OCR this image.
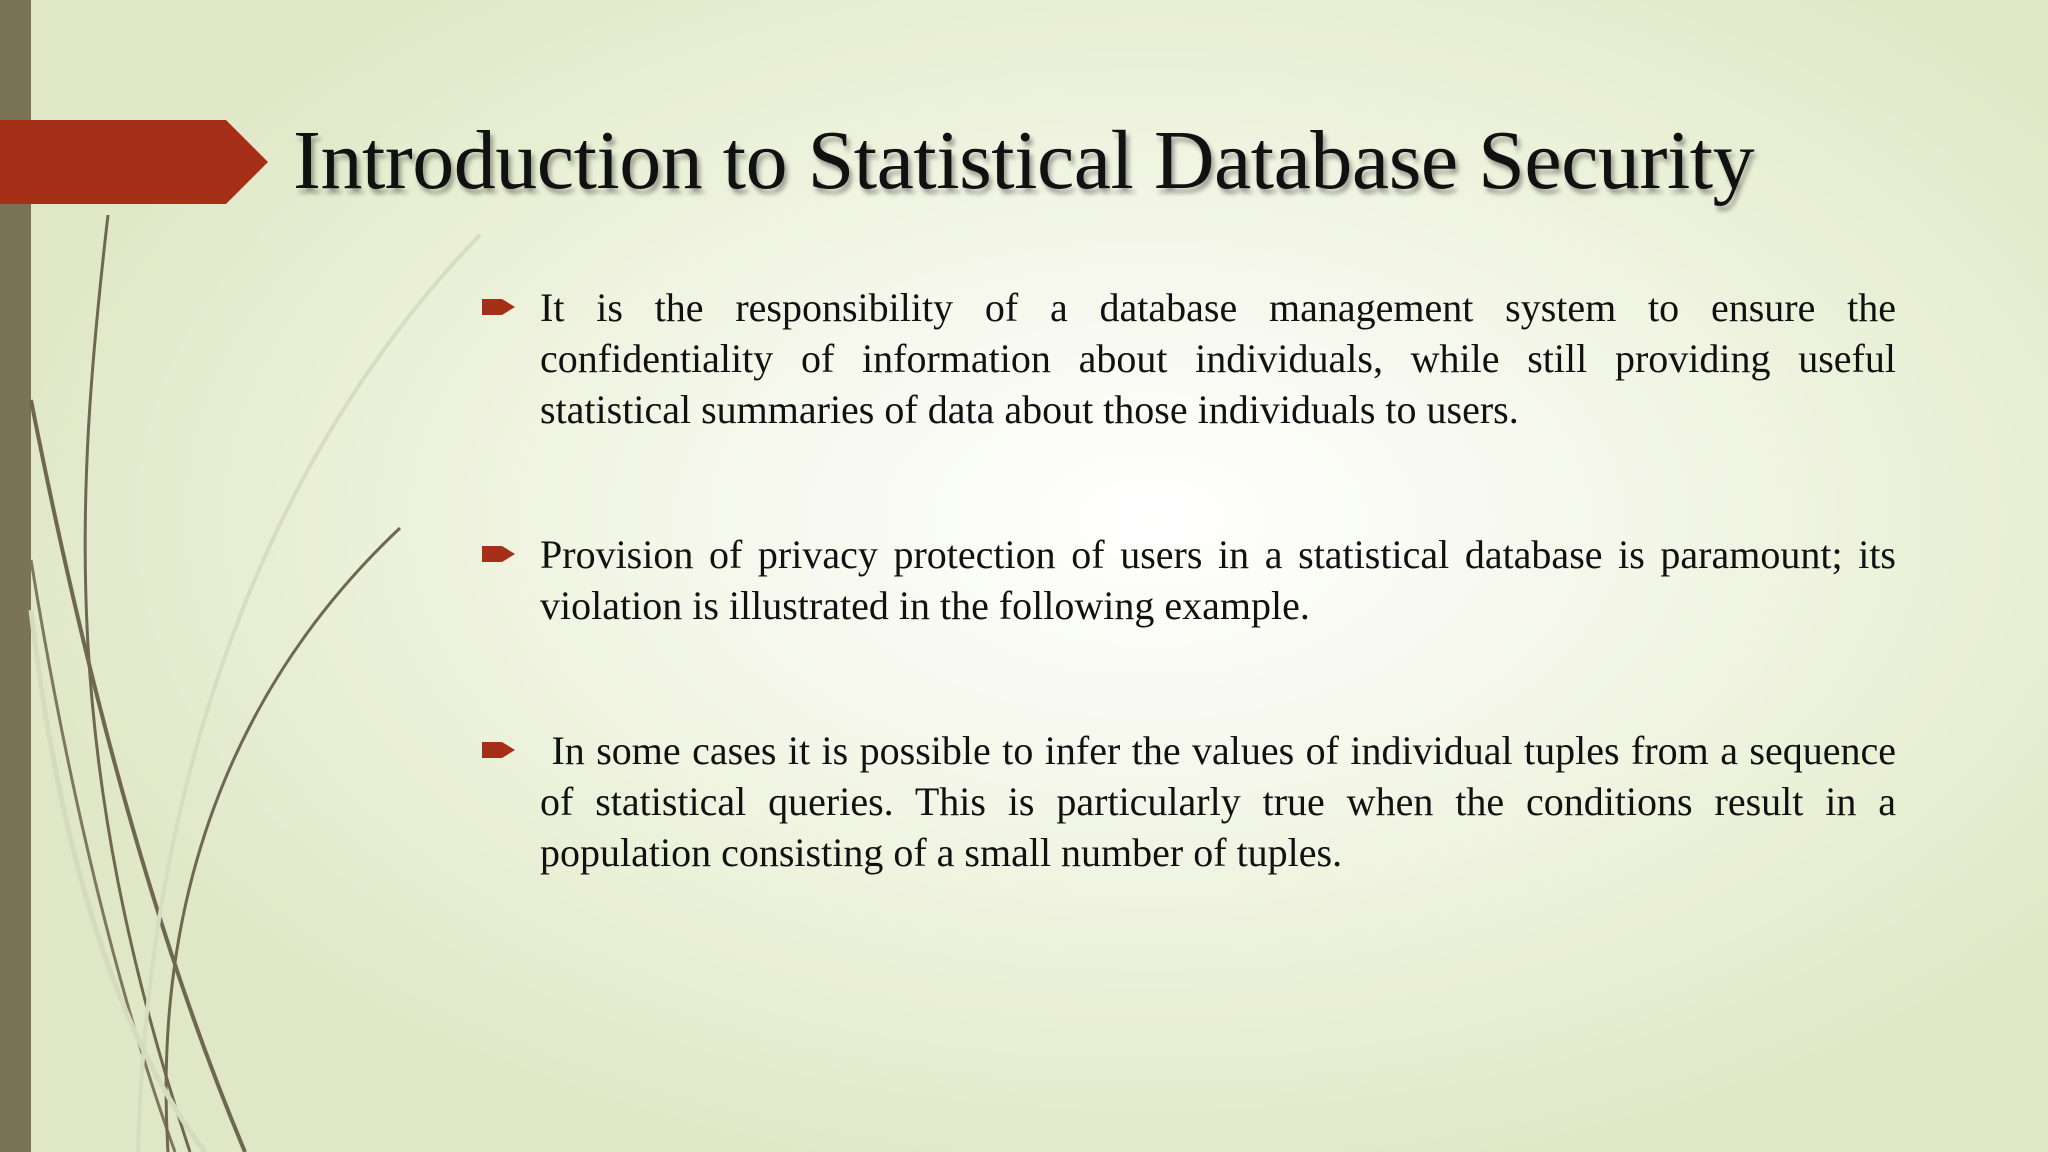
Introduction to Statistical Database Security
It is the responsibility of a database management system to ensure the confidentiality of information about individuals, while still providing useful statistical summaries of data about those individuals to users.
Provision of privacy protection of users in a statistical database is paramount; its violation is illustrated in the following example.
In some cases it is possible to infer the values of individual tuples from a sequence of statistical queries. This is particularly true when the conditions result in a population consisting of a small number of tuples.
